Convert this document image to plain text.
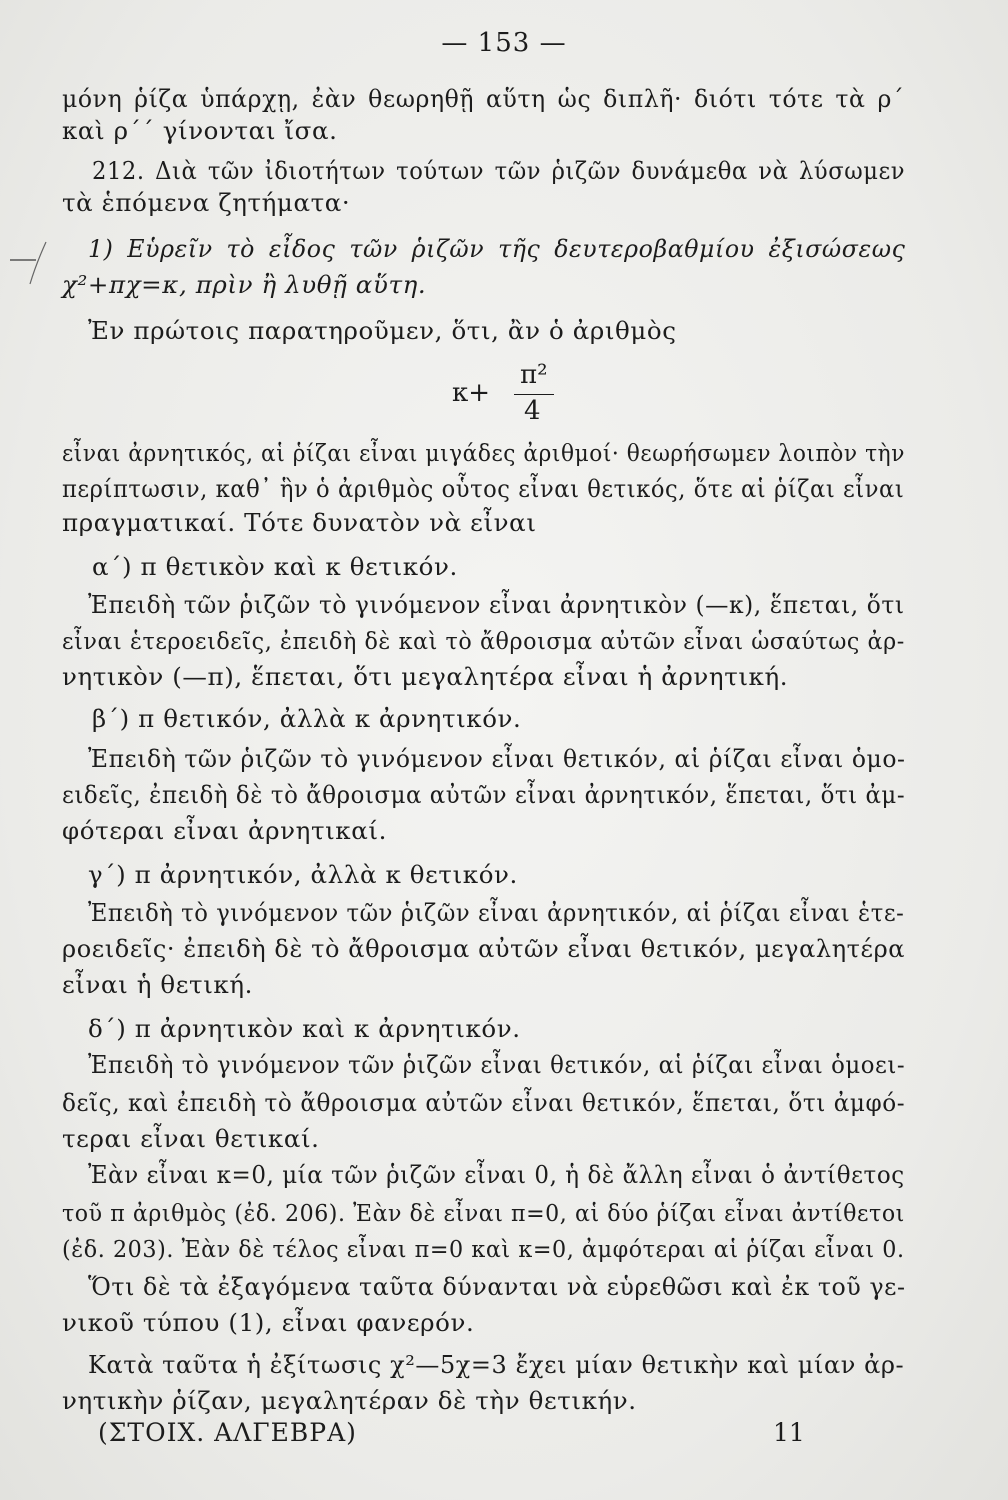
— 153 —
μόνη ῥίζα ὑπάρχῃ, ἐὰν θεωρηθῇ αὕτη ὡς διπλῆ· διότι τότε τὰ ρ΄
καὶ ρ΄΄ γίνονται ἴσα.
212. Διὰ τῶν ἰδιοτήτων τούτων τῶν ῥιζῶν δυνάμεθα νὰ λύσωμεν
τὰ ἑπόμενα ζητήματα·
1) Εὑρεῖν τὸ εἶδος τῶν ῥιζῶν τῆς δευτεροβαθμίου ἐξισώσεως
χ²+πχ=κ, πρὶν ἢ λυθῇ αὕτη.
Ἐν πρώτοις παρατηροῦμεν, ὅτι, ἂν ὁ ἀριθμὸς
κ+
π²
4
εἶναι ἀρνητικός, αἱ ῥίζαι εἶναι μιγάδες ἀριθμοί· θεωρήσωμεν λοιπὸν τὴν
περίπτωσιν, καθ᾽ ἣν ὁ ἀριθμὸς οὗτος εἶναι θετικός, ὅτε αἱ ῥίζαι εἶναι
πραγματικαί. Τότε δυνατὸν νὰ εἶναι
α΄) π θετικὸν καὶ κ θετικόν.
Ἐπειδὴ τῶν ῥιζῶν τὸ γινόμενον εἶναι ἀρνητικὸν (—κ), ἕπεται, ὅτι
εἶναι ἑτεροειδεῖς, ἐπειδὴ δὲ καὶ τὸ ἄθροισμα αὐτῶν εἶναι ὡσαύτως ἀρ-
νητικὸν (—π), ἕπεται, ὅτι μεγαλητέρα εἶναι ἡ ἀρνητική.
β΄) π θετικόν, ἀλλὰ κ ἀρνητικόν.
Ἐπειδὴ τῶν ῥιζῶν τὸ γινόμενον εἶναι θετικόν, αἱ ῥίζαι εἶναι ὁμο-
ειδεῖς, ἐπειδὴ δὲ τὸ ἄθροισμα αὐτῶν εἶναι ἀρνητικόν, ἕπεται, ὅτι ἀμ-
φότεραι εἶναι ἀρνητικαί.
γ΄) π ἀρνητικόν, ἀλλὰ κ θετικόν.
Ἐπειδὴ τὸ γινόμενον τῶν ῥιζῶν εἶναι ἀρνητικόν, αἱ ῥίζαι εἶναι ἑτε-
ροειδεῖς· ἐπειδὴ δὲ τὸ ἄθροισμα αὐτῶν εἶναι θετικόν, μεγαλητέρα
εἶναι ἡ θετική.
δ΄) π ἀρνητικὸν καὶ κ ἀρνητικόν.
Ἐπειδὴ τὸ γινόμενον τῶν ῥιζῶν εἶναι θετικόν, αἱ ῥίζαι εἶναι ὁμοει-
δεῖς, καὶ ἐπειδὴ τὸ ἄθροισμα αὐτῶν εἶναι θετικόν, ἕπεται, ὅτι ἀμφό-
τεραι εἶναι θετικαί.
Ἐὰν εἶναι κ=0, μία τῶν ῥιζῶν εἶναι 0, ἡ δὲ ἄλλη εἶναι ὁ ἀντίθετος
τοῦ π ἀριθμὸς (ἐδ. 206). Ἐὰν δὲ εἶναι π=0, αἱ δύο ῥίζαι εἶναι ἀντίθετοι
(ἐδ. 203). Ἐὰν δὲ τέλος εἶναι π=0 καὶ κ=0, ἀμφότεραι αἱ ῥίζαι εἶναι 0.
Ὅτι δὲ τὰ ἐξαγόμενα ταῦτα δύνανται νὰ εὑρεθῶσι καὶ ἐκ τοῦ γε-
νικοῦ τύπου (1), εἶναι φανερόν.
Κατὰ ταῦτα ἡ ἐξίτωσις χ²—5χ=3 ἔχει μίαν θετικὴν καὶ μίαν ἀρ-
νητικὴν ῥίζαν, μεγαλητέραν δὲ τὴν θετικήν.
(ΣΤΟΙΧ. ΑΛΓΕΒΡΑ)	11
